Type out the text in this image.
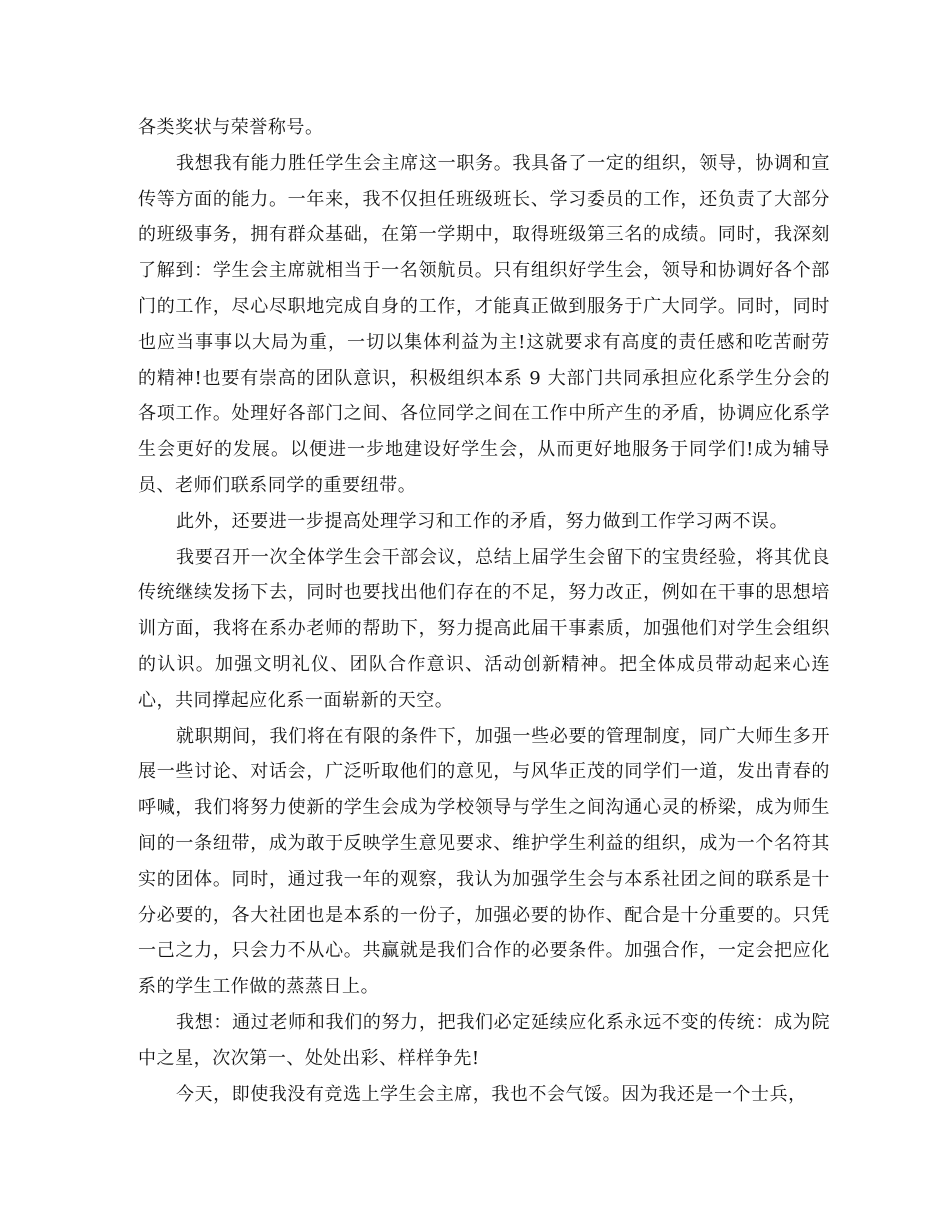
各类奖状与荣誉称号。

我想我有能力胜任学生会主席这一职务。我具备了一定的组织，领导，协调和宣传等方面的能力。一年来，我不仅担任班级班长、学习委员的工作，还负责了大部分的班级事务，拥有群众基础，在第一学期中，取得班级第三名的成绩。同时，我深刻了解到：学生会主席就相当于一名领航员。只有组织好学生会，领导和协调好各个部门的工作，尽心尽职地完成自身的工作，才能真正做到服务于广大同学。同时，同时也应当事事以大局为重，一切以集体利益为主!这就要求有高度的责任感和吃苦耐劳的精神!也要有崇高的团队意识，积极组织本系 9 大部门共同承担应化系学生分会的各项工作。处理好各部门之间、各位同学之间在工作中所产生的矛盾，协调应化系学生会更好的发展。以便进一步地建设好学生会，从而更好地服务于同学们!成为辅导员、老师们联系同学的重要纽带。

此外，还要进一步提高处理学习和工作的矛盾，努力做到工作学习两不误。

我要召开一次全体学生会干部会议，总结上届学生会留下的宝贵经验，将其优良传统继续发扬下去，同时也要找出他们存在的不足，努力改正，例如在干事的思想培训方面，我将在系办老师的帮助下，努力提高此届干事素质，加强他们对学生会组织的认识。加强文明礼仪、团队合作意识、活动创新精神。把全体成员带动起来心连心，共同撑起应化系一面崭新的天空。

就职期间，我们将在有限的条件下，加强一些必要的管理制度，同广大师生多开展一些讨论、对话会，广泛听取他们的意见，与风华正茂的同学们一道，发出青春的呼喊，我们将努力使新的学生会成为学校领导与学生之间沟通心灵的桥梁，成为师生间的一条纽带，成为敢于反映学生意见要求、维护学生利益的组织，成为一个名符其实的团体。同时，通过我一年的观察，我认为加强学生会与本系社团之间的联系是十分必要的，各大社团也是本系的一份子，加强必要的协作、配合是十分重要的。只凭一己之力，只会力不从心。共赢就是我们合作的必要条件。加强合作，一定会把应化系的学生工作做的蒸蒸日上。

我想：通过老师和我们的努力，把我们必定延续应化系永远不变的传统：成为院中之星，次次第一、处处出彩、样样争先!

今天，即使我没有竞选上学生会主席，我也不会气馁。因为我还是一个士兵，
